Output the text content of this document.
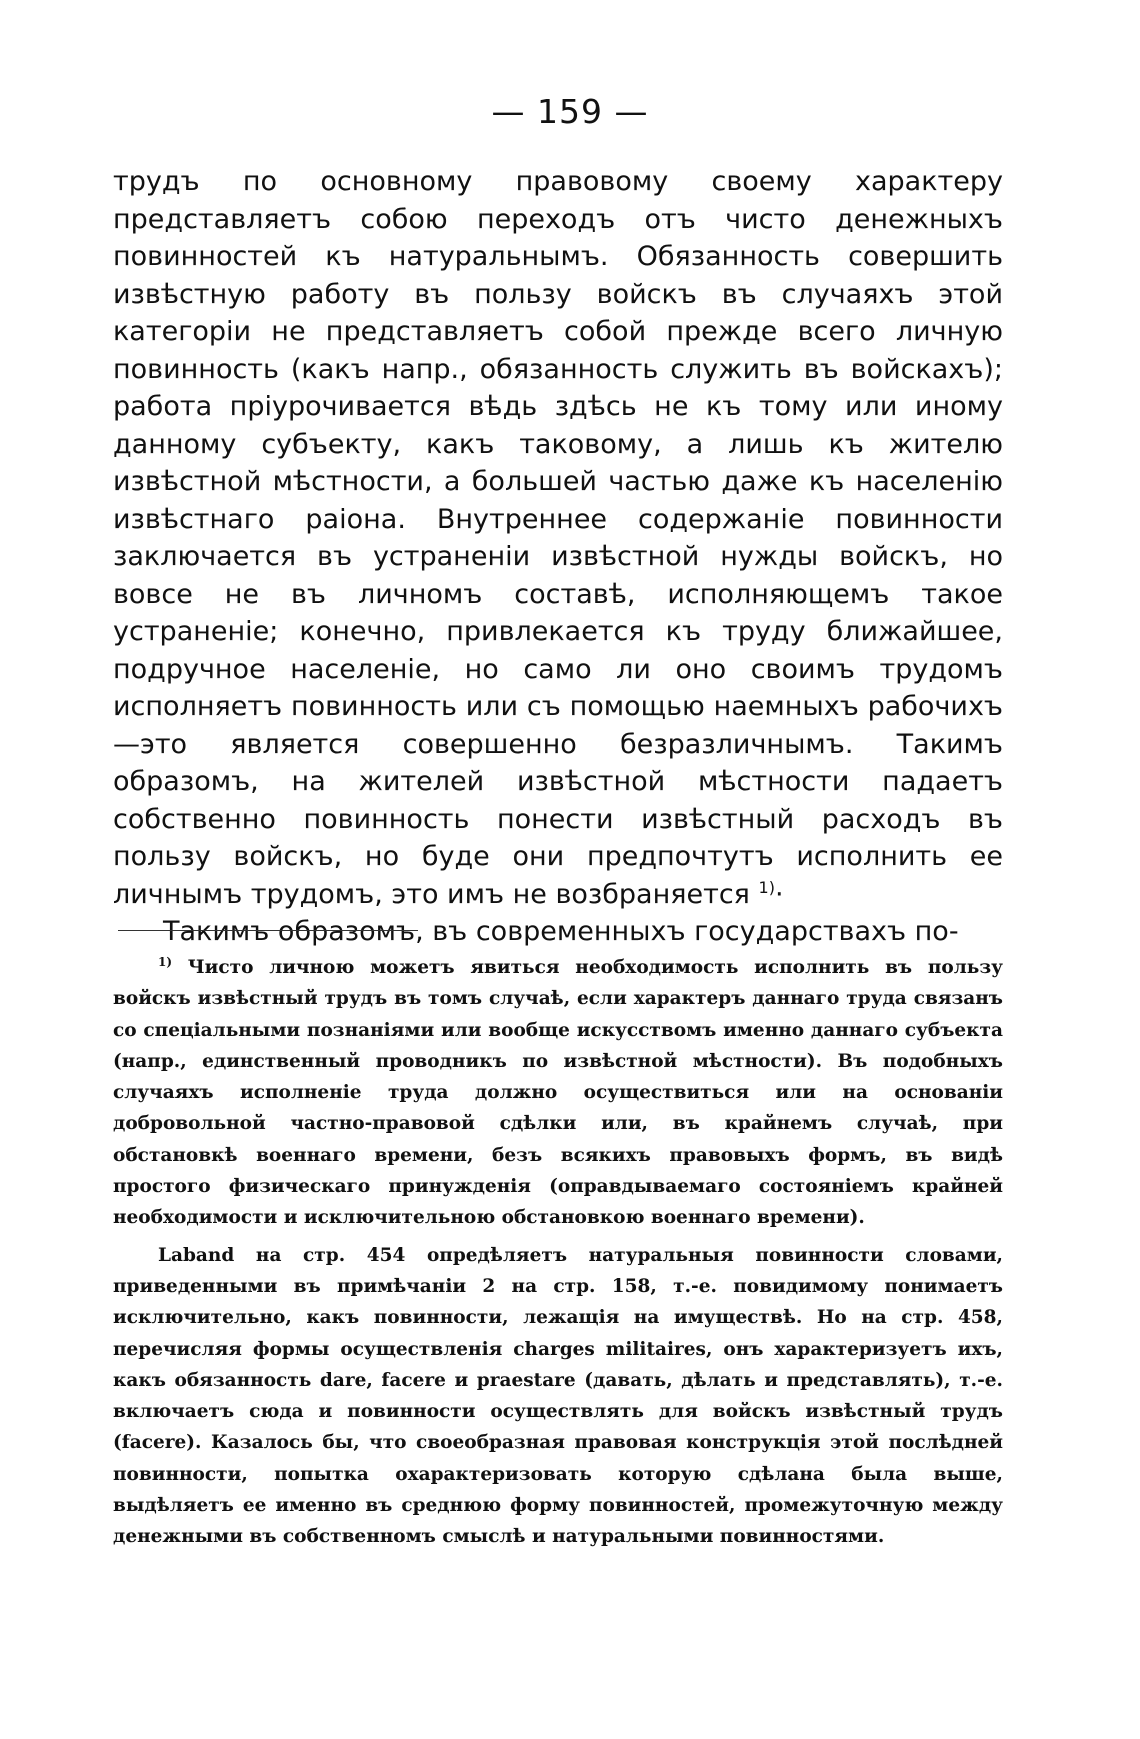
— 159 —

трудъ по основному правовому своему характеру представляетъ собою переходъ отъ чисто денежныхъ повинностей къ натуральнымъ. Обязанность совершить извѣстную работу въ пользу войскъ въ случаяхъ этой категоріи не представляетъ собой прежде всего личную повинность (какъ напр., обязанность служить въ войскахъ); работа пріурочивается вѣдь здѣсь не къ тому или иному данному субъекту, какъ таковому, а лишь къ жителю извѣстной мѣстности, а большей частью даже къ населенію извѣстнаго раіона. Внутреннее содержаніе повинности заключается въ устраненіи извѣстной нужды войскъ, но вовсе не въ личномъ составѣ, исполняющемъ такое устраненіе; конечно, привлекается къ труду ближайшее, подручное населеніе, но само ли оно своимъ трудомъ исполняетъ повинность или съ помощью наемныхъ рабочихъ—это является совершенно безразличнымъ. Такимъ образомъ, на жителей извѣстной мѣстности падаетъ собственно повинность понести извѣстный расходъ въ пользу войскъ, но буде они предпочтутъ исполнить ее личнымъ трудомъ, это имъ не возбраняется $^{1)}$·

Такимъ образомъ, въ современныхъ государствахъ по-

$^{1)}$ Чисто личною можетъ явиться необходимость исполнить въ пользу войскъ извѣстный трудъ въ томъ случаѣ, если характеръ даннаго труда связанъ со спеціальными познаніями или вообще искусствомъ именно даннаго субъекта (напр., единственный проводникъ по извѣстной мѣстности). Въ подобныхъ случаяхъ исполненіе труда должно осуществиться или на основаніи добровольной частно-правовой сдѣлки или, въ крайнемъ случаѣ, при обстановкѣ военнаго времени, безъ всякихъ правовыхъ формъ, въ видѣ простого физическаго принужденія (оправдываемаго состояніемъ крайней необходимости и исключительною обстановкою военнаго времени).

Laband на стр. 454 опредѣляетъ натуральныя повинности словами, приведенными въ примѣчаніи 2 на стр. 158, т.-е. повидимому понимаетъ исключительно, какъ повинности, лежащія на имуществѣ. Но на стр. 458, перечисляя формы осуществленія charges militaires, онъ характеризуетъ ихъ, какъ обязанность dare, facere и praestare (давать, дѣлать и представлять), т.-е. включаетъ сюда и повинности осуществлять для войскъ извѣстный трудъ (facere). Казалось бы, что своеобразная правовая конструкція этой послѣдней повинности, попытка охарактеризовать которую сдѣлана была выше, выдѣляетъ ее именно въ среднюю форму повинностей, промежуточную между денежными въ собственномъ смыслѣ и натуральными повинностями.
